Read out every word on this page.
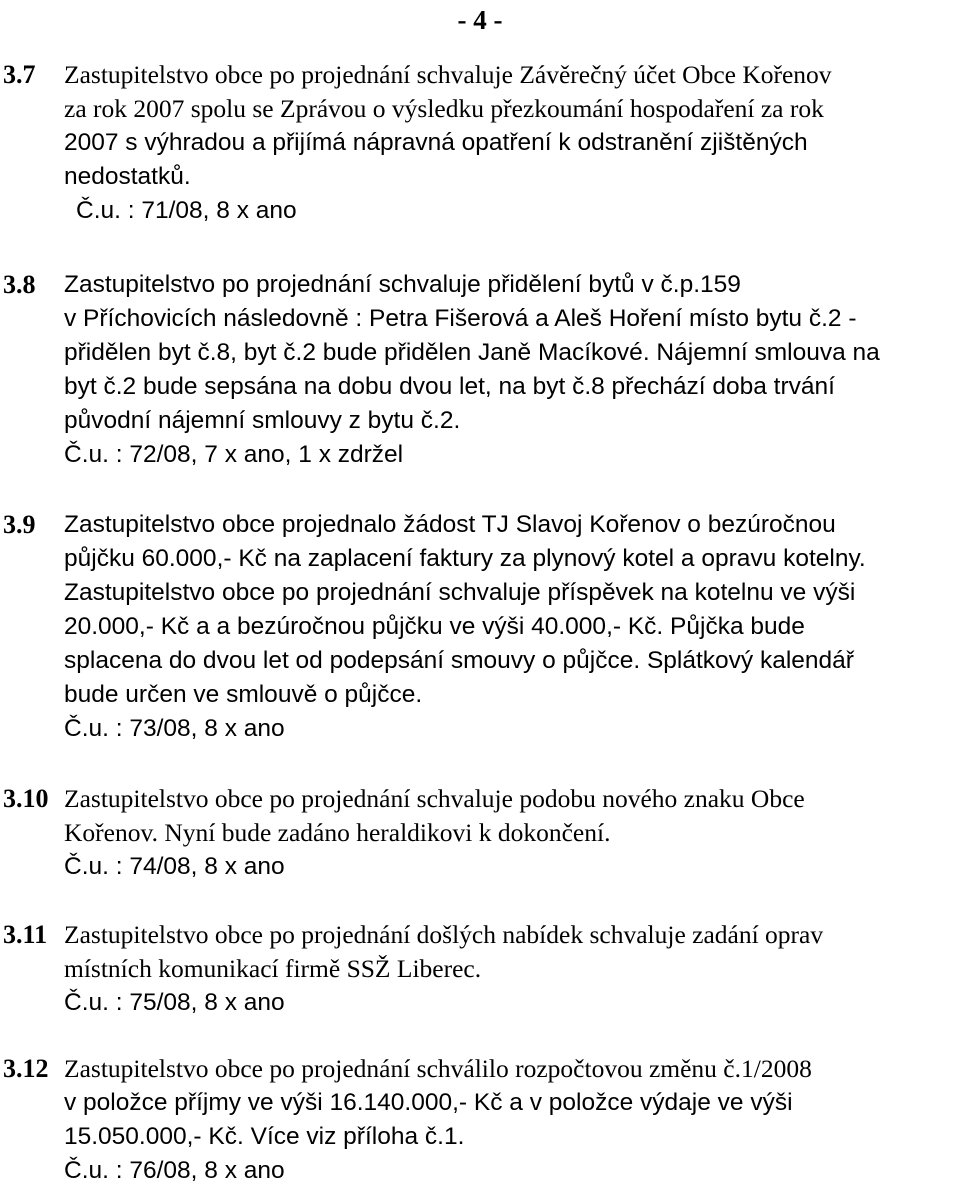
- 4 -
3.7 Zastupitelstvo obce po projednání schvaluje Závěrečný účet Obce Kořenov
za rok 2007 spolu se Zprávou o výsledku přezkoumání hospodaření za rok
2007 s výhradou a přijímá nápravná opatření k odstranění zjištěných
nedostatků.
Č.u. : 71/08, 8 x ano
3.8 Zastupitelstvo po projednání schvaluje přidělení bytů v č.p.159
v Příchovicích následovně : Petra Fišerová a Aleš Hoření místo bytu č.2 -
přidělen byt č.8, byt č.2 bude přidělen Janě Macíkové. Nájemní smlouva na
byt č.2 bude sepsána na dobu dvou let, na byt č.8 přechází doba trvání
původní nájemní smlouvy z bytu č.2.
Č.u. : 72/08, 7 x ano, 1 x zdržel
3.9 Zastupitelstvo obce projednalo žádost TJ Slavoj Kořenov o bezúročnou
půjčku 60.000,- Kč na zaplacení faktury za plynový kotel a opravu kotelny.
Zastupitelstvo obce po projednání schvaluje příspěvek na kotelnu ve výši
20.000,- Kč a a bezúročnou půjčku ve výši 40.000,- Kč. Půjčka bude
splacena do dvou let od podepsání smouvy o půjčce. Splátkový kalendář
bude určen ve smlouvě o půjčce.
Č.u. : 73/08, 8 x ano
3.10 Zastupitelstvo obce po projednání schvaluje podobu nového znaku Obce
Kořenov. Nyní bude zadáno heraldikovi k dokončení.
Č.u. : 74/08, 8 x ano
3.11 Zastupitelstvo obce po projednání došlých nabídek schvaluje zadání oprav
místních komunikací firmě SSŽ Liberec.
Č.u. : 75/08, 8 x ano
3.12 Zastupitelstvo obce po projednání schválilo rozpočtovou změnu č.1/2008
v položce příjmy ve výši 16.140.000,- Kč a v položce výdaje ve výši
15.050.000,- Kč. Více viz příloha č.1.
Č.u. : 76/08, 8 x ano
